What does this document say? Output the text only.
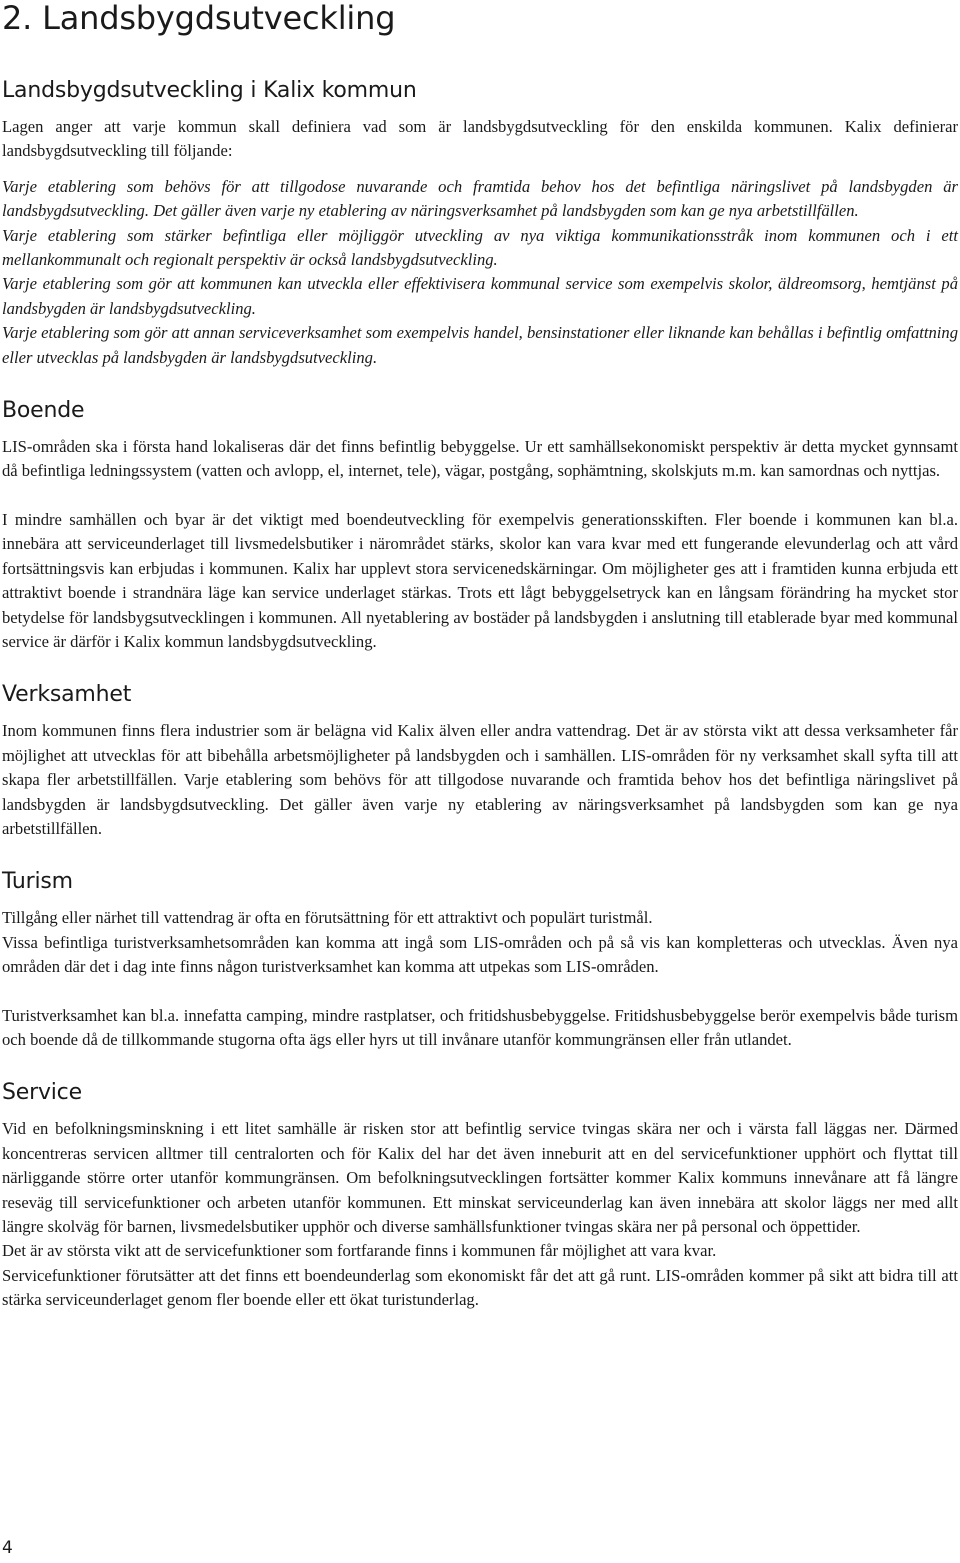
2. Landsbygdsutveckling
Landsbygdsutveckling i Kalix kommun

Lagen anger att varje kommun skall definiera vad som är landsbygdsutveckling för den enskilda kommunen. Kalix definierar landsbygdsutveckling till följande:

Varje etablering som behövs för att tillgodose nuvarande och framtida behov hos det befintliga näringslivet på landsbygden är landsbygdsutveckling. Det gäller även varje ny etablering av näringsverksamhet på landsbygden som kan ge nya arbetstillfällen.

Varje etablering som stärker befintliga eller möjliggör utveckling av nya viktiga kommunikationsstråk inom kommunen och i ett mellankommunalt och regionalt perspektiv är också landsbygdsutveckling.

Varje etablering som gör att kommunen kan utveckla eller effektivisera kommunal service som exempelvis skolor, äldreomsorg, hemtjänst på landsbygden är landsbygdsutveckling.

Varje etablering som gör att annan serviceverksamhet som exempelvis handel, bensinstationer eller liknande kan behållas i befintlig omfattning eller utvecklas på landsbygden är landsbygdsutveckling.

Boende

LIS-områden ska i första hand lokaliseras där det finns befintlig bebyggelse. Ur ett samhällsekonomiskt perspektiv är detta mycket gynnsamt då befintliga ledningssystem (vatten och avlopp, el, internet, tele), vägar, postgång, sophämtning, skolskjuts m.m. kan samordnas och nyttjas.

I mindre samhällen och byar är det viktigt med boendeutveckling för exempelvis generationsskiften. Fler boende i kommunen kan bl.a. innebära att serviceunderlaget till livsmedelsbutiker i närområdet stärks, skolor kan vara kvar med ett fungerande elevunderlag och att vård fortsättningsvis kan erbjudas i kommunen. Kalix har upplevt stora servicenedskärningar. Om möjligheter ges att i framtiden kunna erbjuda ett attraktivt boende i strandnära läge kan service underlaget stärkas. Trots ett lågt bebyggelsetryck kan en långsam förändring ha mycket stor betydelse för landsbygsutvecklingen i kommunen. All nyetablering av bostäder på landsbygden i anslutning till etablerade byar med kommunal service är därför i Kalix kommun landsbygdsutveckling.

Verksamhet

Inom kommunen finns flera industrier som är belägna vid Kalix älven eller andra vattendrag. Det är av största vikt att dessa verksamheter får möjlighet att utvecklas för att bibehålla arbetsmöjligheter på landsbygden och i samhällen. LIS-områden för ny verksamhet skall syfta till att skapa fler arbetstillfällen. Varje etablering som behövs för att tillgodose nuvarande och framtida behov hos det befintliga näringslivet på landsbygden är landsbygdsutveckling. Det gäller även varje ny etablering av näringsverksamhet på landsbygden som kan ge nya arbetstillfällen.

Turism

Tillgång eller närhet till vattendrag är ofta en förutsättning för ett attraktivt och populärt turistmål.

Vissa befintliga turistverksamhetsområden kan komma att ingå som LIS-områden och på så vis kan kompletteras och utvecklas. Även nya områden där det i dag inte finns någon turistverksamhet kan komma att utpekas som LIS-områden.

Turistverksamhet kan bl.a. innefatta camping, mindre rastplatser, och fritidshusbebyggelse. Fritidshusbebyggelse berör exempelvis både turism och boende då de tillkommande stugorna ofta ägs eller hyrs ut till invånare utanför kommungränsen eller från utlandet.

Service

Vid en befolkningsminskning i ett litet samhälle är risken stor att befintlig service tvingas skära ner och i värsta fall läggas ner. Därmed koncentreras servicen alltmer till centralorten och för Kalix del har det även inneburit att en del servicefunktioner upphört och flyttat till närliggande större orter utanför kommungränsen. Om befolkningsutvecklingen fortsätter kommer Kalix kommuns innevånare att få längre reseväg till servicefunktioner och arbeten utanför kommunen. Ett minskat serviceunderlag kan även innebära att skolor läggs ner med allt längre skolväg för barnen, livsmedelsbutiker upphör och diverse samhällsfunktioner tvingas skära ner på personal och öppettider.

Det är av största vikt att de servicefunktioner som fortfarande finns i kommunen får möjlighet att vara kvar.

Servicefunktioner förutsätter att det finns ett boendeunderlag som ekonomiskt får det att gå runt. LIS-områden kommer på sikt att bidra till att stärka serviceunderlaget genom fler boende eller ett ökat turistunderlag.

4
